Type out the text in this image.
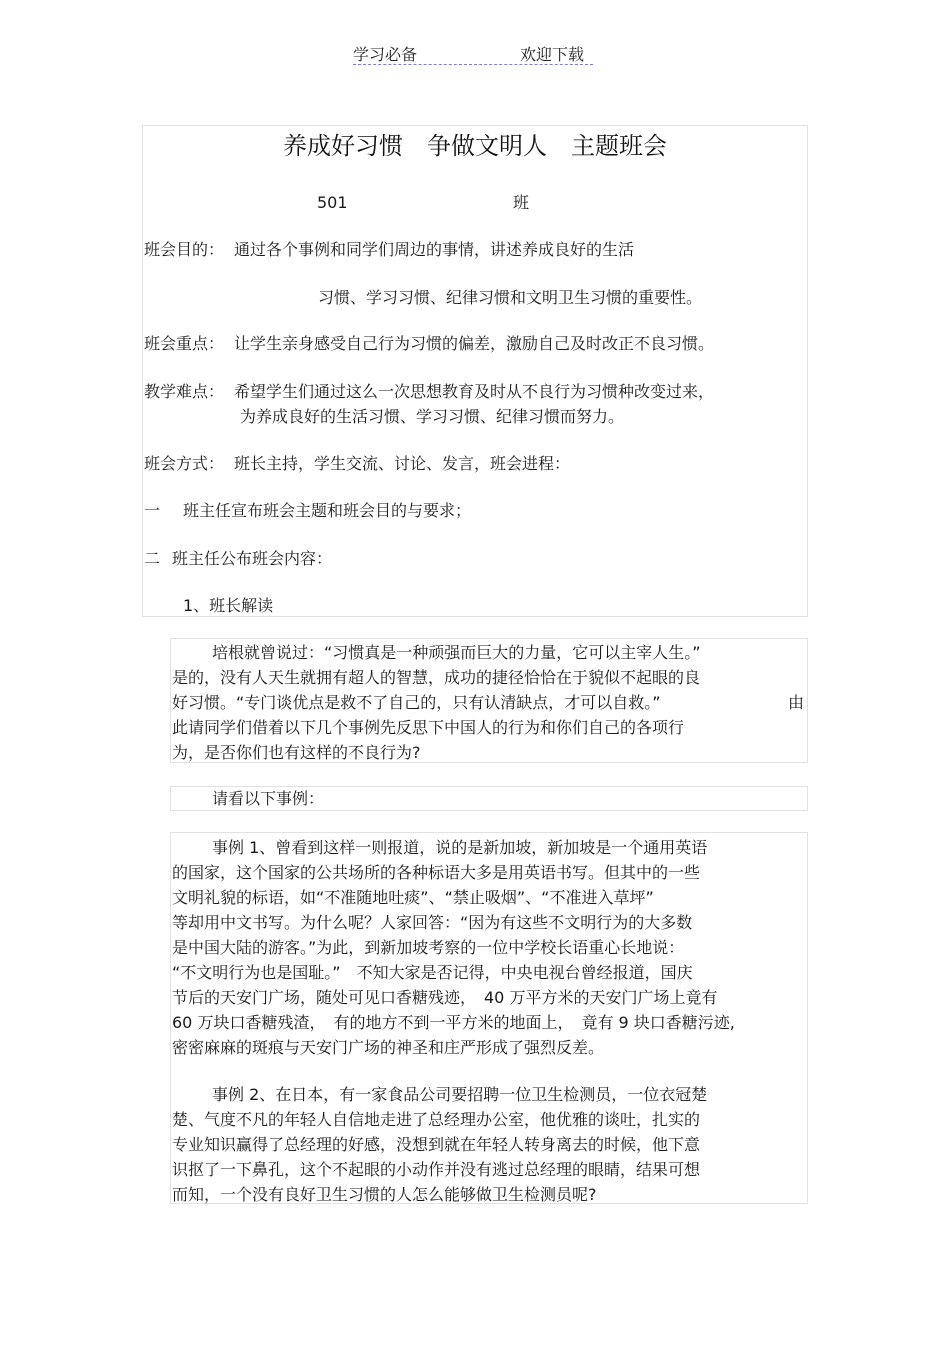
学习必备	欢迎下载
养成好习惯　争做文明人　主题班会
501	班
班会目的： 通过各个事例和同学们周边的事情，讲述养成良好的生活
习惯、学习习惯、纪律习惯和文明卫生习惯的重要性。
班会重点： 让学生亲身感受自己行为习惯的偏差，激励自己及时改正不良习惯。
教学难点： 希望学生们通过这么一次思想教育及时从不良行为习惯种改变过来，
为养成良好的生活习惯、学习习惯、纪律习惯而努力。
班会方式： 班长主持，学生交流、讨论、发言，班会进程：
一 班主任宣布班会主题和班会目的与要求；
二 班主任公布班会内容：
1、班长解读
培根就曾说过：“习惯真是一种顽强而巨大的力量，它可以主宰人生。”
是的，没有人天生就拥有超人的智慧，成功的捷径恰恰在于貌似不起眼的良
好习惯。“专门谈优点是救不了自己的，只有认清缺点，才可以自救。”	由
此请同学们借着以下几个事例先反思下中国人的行为和你们自己的各项行
为，是否你们也有这样的不良行为?
请看以下事例：
事例 1、曾看到这样一则报道，说的是新加坡，新加坡是一个通用英语
的国家，这个国家的公共场所的各种标语大多是用英语书写。但其中的一些
文明礼貌的标语，如“不准随地吐痰”、“禁止吸烟”、“不准进入草坪”
等却用中文书写。为什么呢？人家回答：“因为有这些不文明行为的大多数
是中国大陆的游客。”为此，到新加坡考察的一位中学校长语重心长地说：
“不文明行为也是国耻。”　不知大家是否记得，中央电视台曾经报道，国庆
节后的天安门广场，随处可见口香糖残迹，　40 万平方米的天安门广场上竟有
60 万块口香糖残渣，　有的地方不到一平方米的地面上，　竟有 9 块口香糖污迹,
密密麻麻的斑痕与天安门广场的神圣和庄严形成了强烈反差。
事例 2、在日本，有一家食品公司要招聘一位卫生检测员，一位衣冠楚
楚、气度不凡的年轻人自信地走进了总经理办公室，他优雅的谈吐，扎实的
专业知识赢得了总经理的好感，没想到就在年轻人转身离去的时候，他下意
识抠了一下鼻孔，这个不起眼的小动作并没有逃过总经理的眼睛，结果可想
而知，一个没有良好卫生习惯的人怎么能够做卫生检测员呢?
